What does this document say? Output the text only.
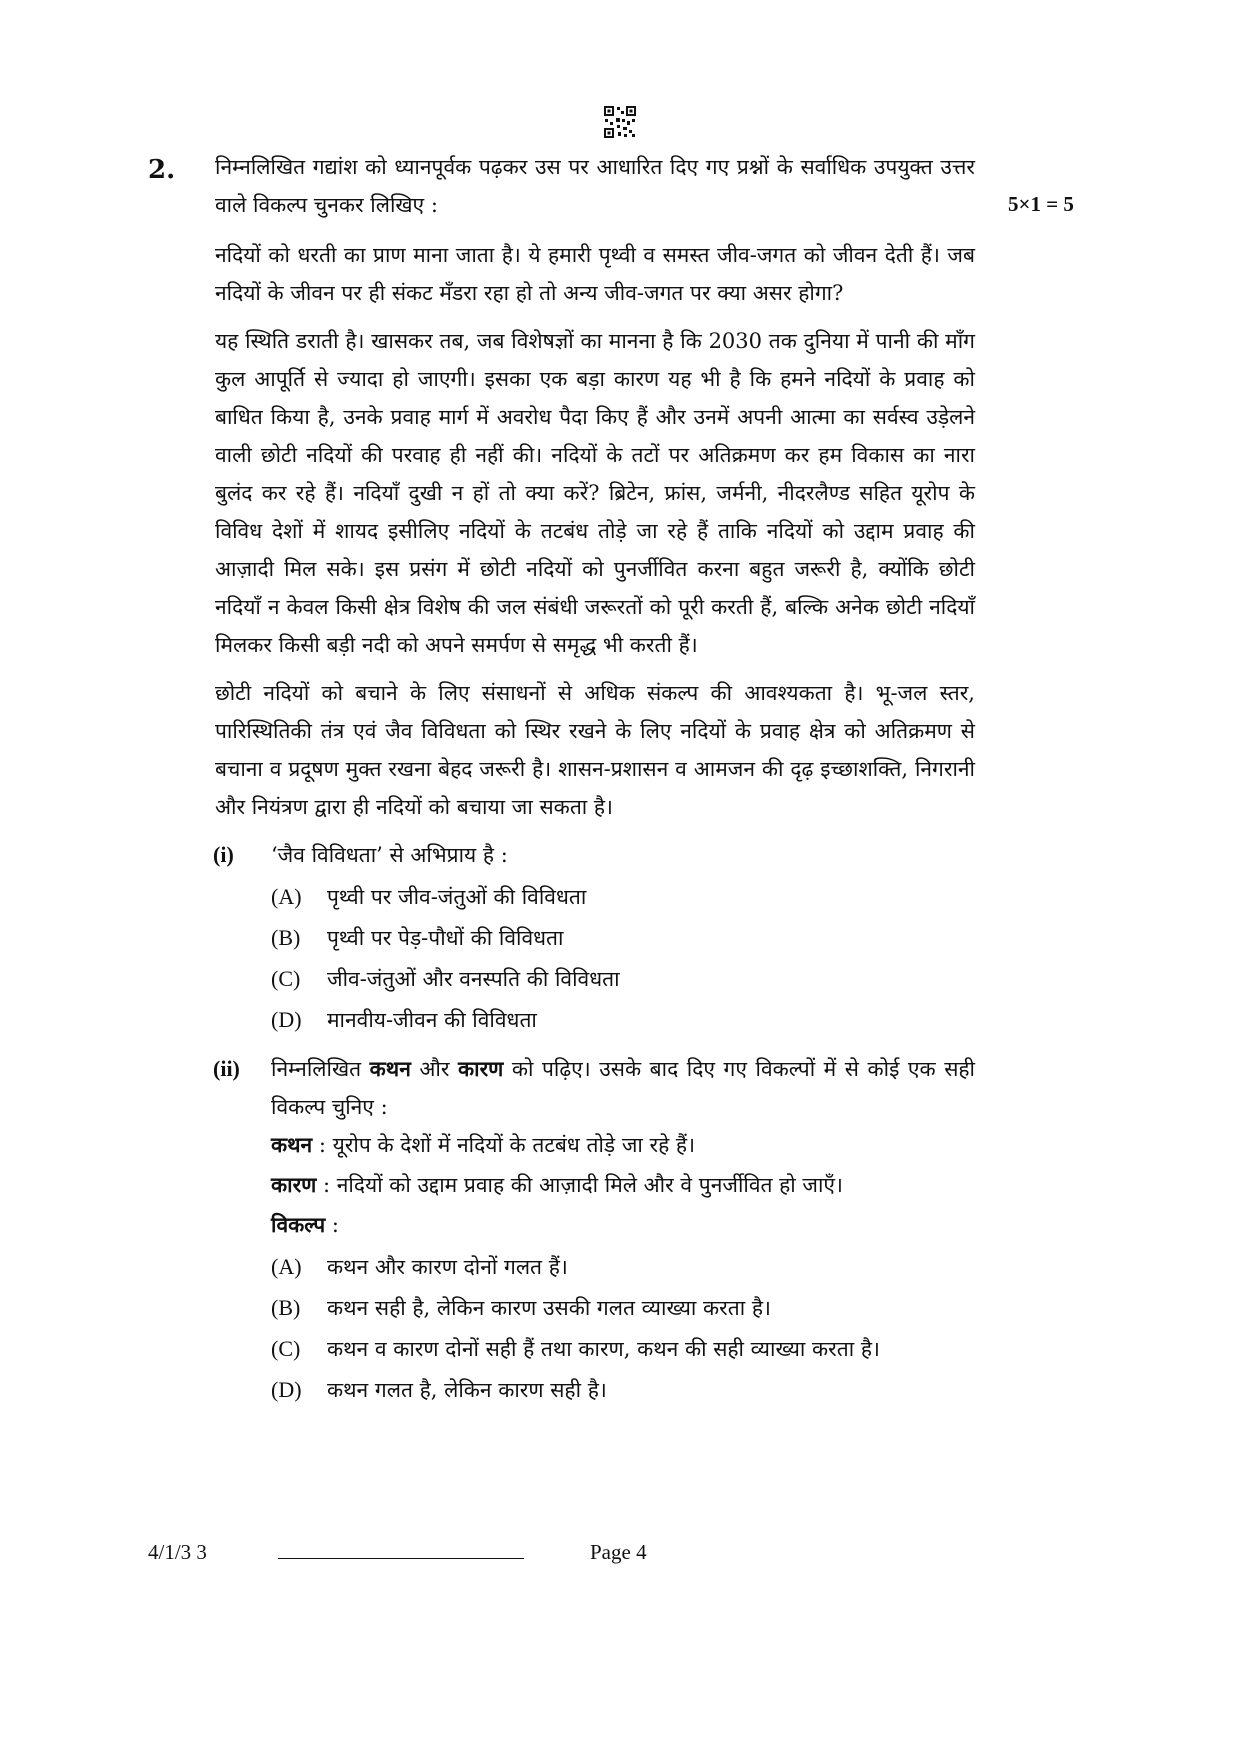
2.
5×1 = 5

निम्नलिखित गद्यांश को ध्यानपूर्वक पढ़कर उस पर आधारित दिए गए प्रश्नों के सर्वाधिक उपयुक्त उत्तर वाले विकल्प चुनकर लिखिए :

नदियों को धरती का प्राण माना जाता है। ये हमारी पृथ्वी व समस्त जीव-जगत को जीवन देती हैं। जब नदियों के जीवन पर ही संकट मँडरा रहा हो तो अन्य जीव-जगत पर क्या असर होगा?

यह स्थिति डराती है। खासकर तब, जब विशेषज्ञों का मानना है कि 2030 तक दुनिया में पानी की माँग कुल आपूर्ति से ज्यादा हो जाएगी। इसका एक बड़ा कारण यह भी है कि हमने नदियों के प्रवाह को बाधित किया है, उनके प्रवाह मार्ग में अवरोध पैदा किए हैं और उनमें अपनी आत्मा का सर्वस्व उड़ेलने वाली छोटी नदियों की परवाह ही नहीं की। नदियों के तटों पर अतिक्रमण कर हम विकास का नारा बुलंद कर रहे हैं। नदियाँ दुखी न हों तो क्या करें? ब्रिटेन, फ्रांस, जर्मनी, नीदरलैण्ड सहित यूरोप के विविध देशों में शायद इसीलिए नदियों के तटबंध तोड़े जा रहे हैं ताकि नदियों को उद्दाम प्रवाह की आज़ादी मिल सके। इस प्रसंग में छोटी नदियों को पुनर्जीवित करना बहुत जरूरी है, क्योंकि छोटी नदियाँ न केवल किसी क्षेत्र विशेष की जल संबंधी जरूरतों को पूरी करती हैं, बल्कि अनेक छोटी नदियाँ मिलकर किसी बड़ी नदी को अपने समर्पण से समृद्ध भी करती हैं।

छोटी नदियों को बचाने के लिए संसाधनों से अधिक संकल्प की आवश्यकता है। भू-जल स्तर, पारिस्थितिकी तंत्र एवं जैव विविधता को स्थिर रखने के लिए नदियों के प्रवाह क्षेत्र को अतिक्रमण से बचाना व प्रदूषण मुक्त रखना बेहद जरूरी है। शासन-प्रशासन व आमजन की दृढ़ इच्छाशक्ति, निगरानी और नियंत्रण द्वारा ही नदियों को बचाया जा सकता है।

(i) ‘जैव विविधता’ से अभिप्राय है :
(A)	पृथ्वी पर जीव-जंतुओं की विविधता
(B)	पृथ्वी पर पेड़-पौधों की विविधता
(C)	जीव-जंतुओं और वनस्पति की विविधता
(D)	मानवीय-जीवन की विविधता
(ii) निम्नलिखित कथन और कारण को पढ़िए। उसके बाद दिए गए विकल्पों में से कोई एक सही विकल्प चुनिए :

कथन : यूरोप के देशों में नदियों के तटबंध तोड़े जा रहे हैं।
कारण : नदियों को उद्दाम प्रवाह की आज़ादी मिले और वे पुनर्जीवित हो जाएँ।
विकल्प :
(A)	कथन और कारण दोनों गलत हैं।
(B)	कथन सही है, लेकिन कारण उसकी गलत व्याख्या करता है।
(C)	कथन व कारण दोनों सही हैं तथा कारण, कथन की सही व्याख्या करता है।
(D)	कथन गलत है, लेकिन कारण सही है।
4/1/3 3	Page 4
